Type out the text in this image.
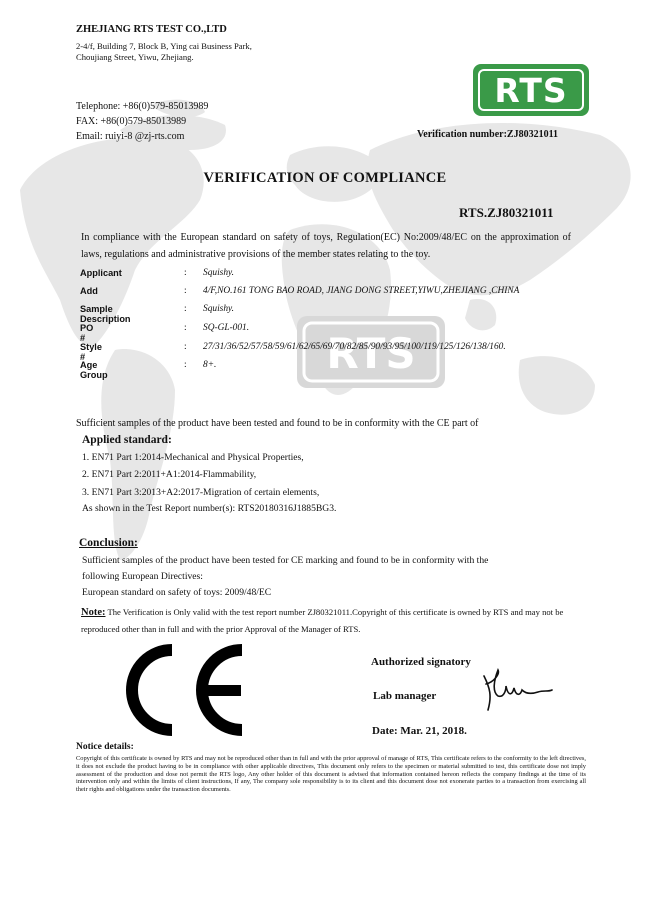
RTS
ZHEJIANG RTS TEST CO.,LTD
2-4/f, Building 7, Block B, Ying cai Business Park,
Choujiang Street, Yiwu, Zhejiang.
Telephone: +86(0)579-85013989
FAX: +86(0)579-85013989
Email: ruiyi-8 @zj-rts.com
RTS
Verification number:ZJ80321011
VERIFICATION OF COMPLIANCE
RTS.ZJ80321011
In compliance with the European standard on safety of toys, Regulation(EC) No:2009/48/EC on the approximation of laws, regulations and administrative provisions of the member states relating to the toy.
Applicant	: Squishy.
Add	: 4/F,NO.161 TONG BAO ROAD, JIANG DONG STREET,YIWU,ZHEJIANG ,CHINA
Sample Description
: Squishy.
PO #
: SQ-GL-001.
Style #
: 27/31/36/52/57/58/59/61/62/65/69/70/82/85/90/93/95/100/119/125/126/138/160.
Age Group
: 8+.
Sufficient samples of the product have been tested and found to be in conformity with the CE part of
Applied standard:
1. EN71 Part 1:2014-Mechanical and Physical Properties,
2. EN71 Part 2:2011+A1:2014-Flammability,
3. EN71 Part 3:2013+A2:2017-Migration of certain elements,
As shown in the Test Report number(s): RTS20180316J1885BG3.
Conclusion:
Sufficient samples of the product have been tested for CE marking and found to be in conformity with the
following European Directives:
European standard on safety of toys: 2009/48/EC
Note: The Verification is Only valid with the test report number ZJ80321011.Copyright of this certificate is owned by RTS and may not be reproduced other than in full and with the prior Approval of the Manager of RTS.
CE
Authorized signatory
Lab manager
Date: Mar. 21, 2018.
Notice details:
Copyright of this certificate is owned by RTS and may not be reproduced other than in full and with the prior approval of manage of RTS, This certificate refers to the conformity to the left directives, it does not exclude the product having to be in compliance with other applicable directives, This document only refers to the specimen or material submitted to test, this certificate dose not imply assessment of the production and dose not permit the RTS logo, Any other holder of this document is advised that information contained hereon reflects the company findings at the time of its intervention only and within the limits of client instructions, If any, The company sole responsibility is to its client and this document dose not exonerate parties to a transaction from exercising all their rights and obligations under the transaction documents.
